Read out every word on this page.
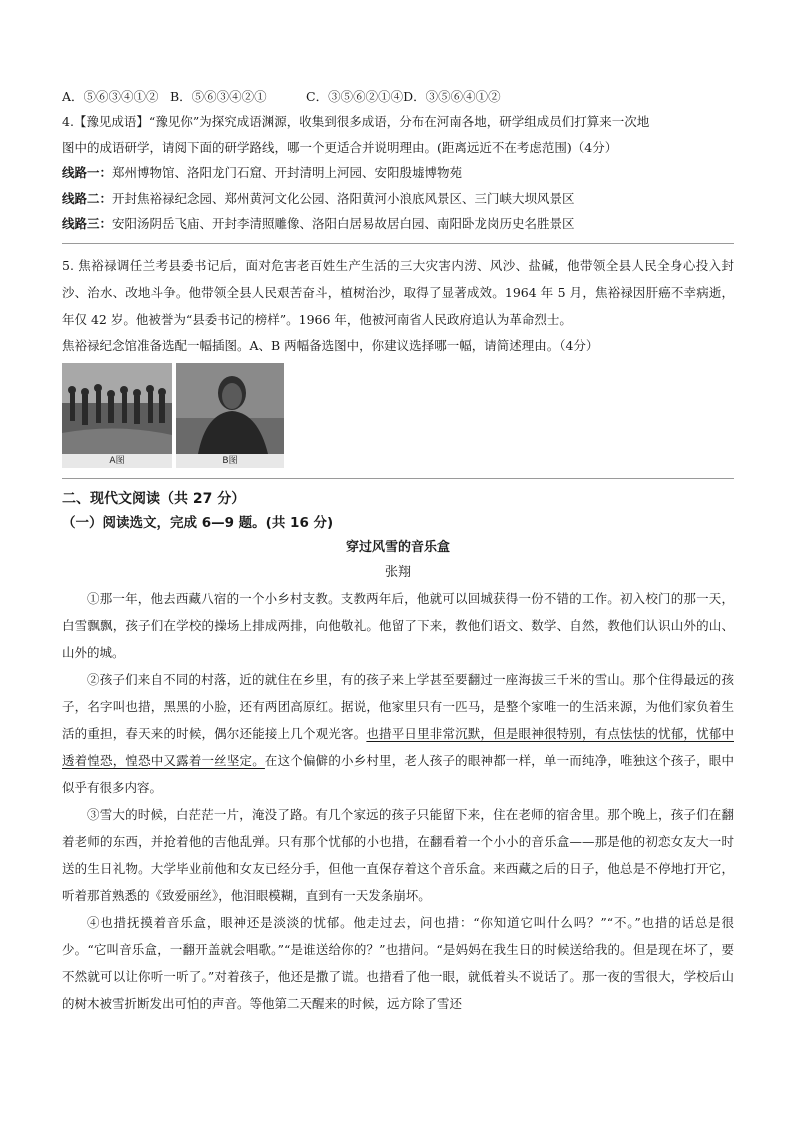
A．⑤⑥③④①② B．⑤⑥③④②①	C．③⑤⑥②①④D．③⑤⑥④①②
4.【豫见成语】“豫见你”为探究成语渊源，收集到很多成语，分布在河南各地，研学组成员们打算来一次地
图中的成语研学，请阅下面的研学路线，哪一个更适合并说明理由。(距离远近不在考虑范围)（4分）
线路一：郑州博物馆、洛阳龙门石窟、开封清明上河园、安阳殷墟博物苑
线路二：开封焦裕禄纪念园、郑州黄河文化公园、洛阳黄河小浪底风景区、三门峡大坝风景区
线路三：安阳汤阴岳飞庙、开封李清照雕像、洛阳白居易故居白园、南阳卧龙岗历史名胜景区
5. 焦裕禄调任兰考县委书记后，面对危害老百姓生产生活的三大灾害内涝、风沙、盐碱，他带领全县人民全身心投入封沙、治水、改地斗争。他带领全县人民艰苦奋斗，植树治沙，取得了显著成效。1964 年 5 月，焦裕禄因肝癌不幸病逝，年仅 42 岁。他被誉为“县委书记的榜样”。1966 年，他被河南省人民政府追认为革命烈士。
焦裕禄纪念馆准备选配一幅插图。A、B 两幅备选图中，你建议选择哪一幅，请简述理由。（4分）
A图	B图
二、现代文阅读（共 27 分）
（一）阅读选文，完成 6—9 题。(共 16 分)
穿过风雪的音乐盒
张翔
①那一年，他去西藏八宿的一个小乡村支教。支教两年后，他就可以回城获得一份不错的工作。初入校门的那一天，白雪飘飘，孩子们在学校的操场上排成两排，向他敬礼。他留了下来，教他们语文、数学、自然，教他们认识山外的山、山外的城。
②孩子们来自不同的村落，近的就住在乡里，有的孩子来上学甚至要翻过一座海拔三千米的雪山。那个住得最远的孩子，名字叫也措，黑黑的小脸，还有两团高原红。据说，他家里只有一匹马，是整个家唯一的生活来源，为他们家负着生活的重担，春天来的时候，偶尔还能接上几个观光客。也措平日里非常沉默，但是眼神很特别，有点怯怯的忧郁，忧郁中透着惶恐，惶恐中又露着一丝坚定。在这个偏僻的小乡村里，老人孩子的眼神都一样，单一而纯净，唯独这个孩子，眼中似乎有很多内容。
③雪大的时候，白茫茫一片，淹没了路。有几个家远的孩子只能留下来，住在老师的宿舍里。那个晚上，孩子们在翻着老师的东西，并抢着他的吉他乱弹。只有那个忧郁的小也措，在翻看着一个小小的音乐盒——那是他的初恋女友大一时送的生日礼物。大学毕业前他和女友已经分手，但他一直保存着这个音乐盒。来西藏之后的日子，他总是不停地打开它，听着那首熟悉的《致爱丽丝》，他泪眼模糊，直到有一天发条崩坏。
④也措抚摸着音乐盒，眼神还是淡淡的忧郁。他走过去，问也措：“你知道它叫什么吗？”“不。”也措的话总是很少。“它叫音乐盒，一翻开盖就会唱歌。”“是谁送给你的？”也措问。“是妈妈在我生日的时候送给我的。但是现在坏了，要不然就可以让你听一听了。”对着孩子，他还是撒了谎。也措看了他一眼，就低着头不说话了。那一夜的雪很大，学校后山的树木被雪折断发出可怕的声音。等他第二天醒来的时候，远方除了雪还
